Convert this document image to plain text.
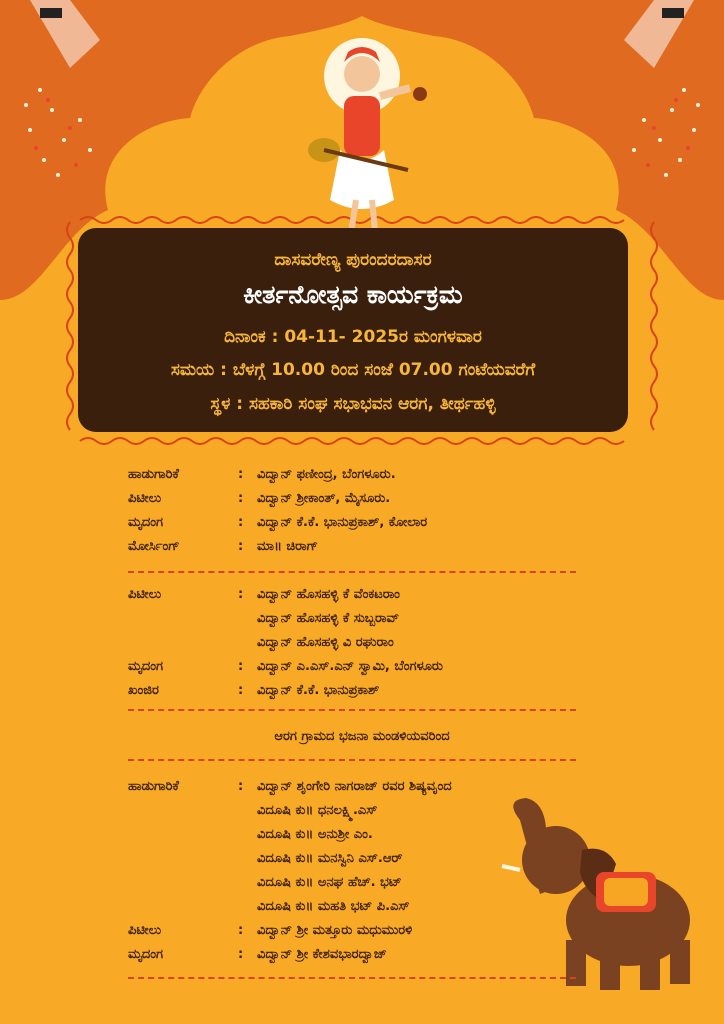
ದಾಸವರೇಣ್ಯ ಪುರಂದರದಾಸರ
ಕೀರ್ತನೋತ್ಸವ ಕಾರ್ಯಕ್ರಮ
ದಿನಾಂಕ : 04-11- 2025ರ ಮಂಗಳವಾರ
ಸಮಯ : ಬೆಳಗ್ಗೆ 10.00 ರಿಂದ ಸಂಜೆ 07.00 ಗಂಟೆಯವರೆಗೆ
ಸ್ಥಳ : ಸಹಕಾರಿ ಸಂಘ ಸಭಾಭವನ ಆರಗ, ತೀರ್ಥಹಳ್ಳಿ
ಹಾಡುಗಾರಿಕೆ	: ವಿದ್ವಾನ್ ಫಣೀಂದ್ರ, ಬೆಂಗಳೂರು.
ಪಿಟೀಲು	: ವಿದ್ವಾನ್ ಶ್ರೀಕಾಂತ್, ಮೈಸೂರು.
ಮೃದಂಗ	: ವಿದ್ವಾನ್ ಕೆ.ಕೆ. ಭಾನುಪ್ರಕಾಶ್, ಕೋಲಾರ
ಮೋರ್ಸಿಂಗ್	: ಮಾ॥ ಚಿರಾಗ್
ಪಿಟೀಲು	: ವಿದ್ವಾನ್ ಹೊಸಹಳ್ಳಿ ಕೆ ವೆಂಕಟರಾಂ
ವಿದ್ವಾನ್ ಹೊಸಹಳ್ಳಿ ಕೆ ಸುಬ್ಬರಾವ್
ವಿದ್ವಾನ್ ಹೊಸಹಳ್ಳಿ ವಿ ರಘುರಾಂ
ಮೃದಂಗ	: ವಿದ್ವಾನ್ ಎ.ಎಸ್.ಎನ್ ಸ್ವಾಮಿ, ಬೆಂಗಳೂರು
ಖಂಜಿರ	: ವಿದ್ವಾನ್ ಕೆ.ಕೆ. ಭಾನುಪ್ರಕಾಶ್
ಆರಗ ಗ್ರಾಮದ ಭಜನಾ ಮಂಡಳಿಯವರಿಂದ
ಹಾಡುಗಾರಿಕೆ	: ವಿದ್ವಾನ್ ಶೃಂಗೇರಿ ನಾಗರಾಜ್ ರವರ ಶಿಷ್ಯವೃಂದ
ವಿದೂಷಿ ಕು॥ ಧನಲಕ್ಷ್ಮಿ.ಎಸ್
ವಿದೂಷಿ ಕು॥ ಅನುಶ್ರೀ ಎಂ.
ವಿದೂಷಿ ಕು॥ ಮನಸ್ವಿನಿ ಎಸ್.ಆರ್
ವಿದೂಷಿ ಕು॥ ಅನಘ ಹೆಚ್. ಭಟ್
ವಿದೂಷಿ ಕು॥ ಮಹತಿ ಭಟ್ ಪಿ.ಎಸ್
ಪಿಟೀಲು	: ವಿದ್ವಾನ್ ಶ್ರೀ ಮತ್ತೂರು ಮಧುಮುರಳಿ
ಮೃದಂಗ	: ವಿದ್ವಾನ್ ಶ್ರೀ ಕೇಶವಭಾರದ್ವಾಜ್
